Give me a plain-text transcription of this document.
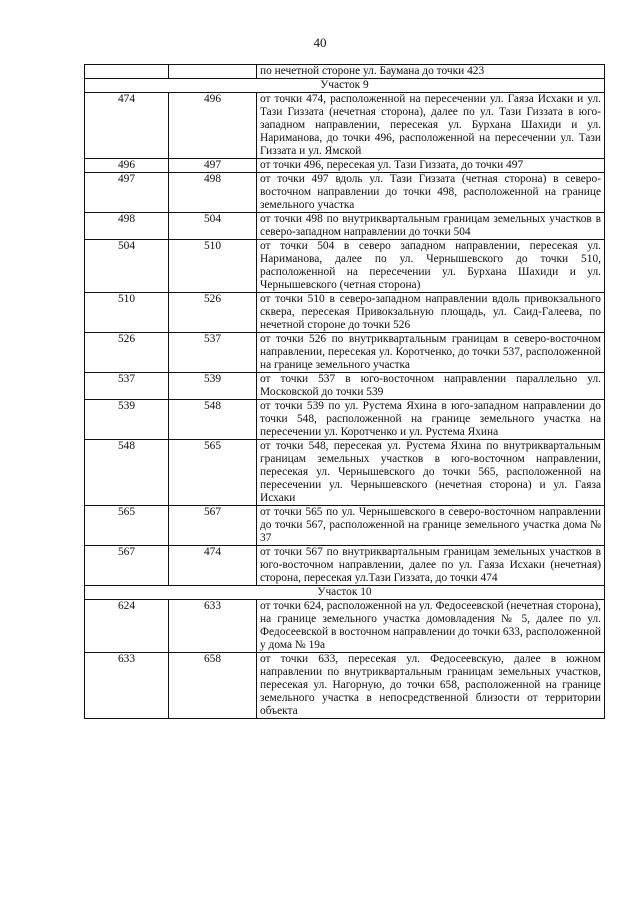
40
		по нечетной стороне ул. Баумана до точки 423
Участок 9		
474	496	от точки 474, расположенной на пересечении ул. Гаяза Исхаки и ул. Тази Гиззата (нечетная сторона), далее по ул. Тази Гиззата в юго-западном направлении, пересекая ул. Бурхана Шахиди и ул. Нариманова, до точки 496, расположенной на пересечении ул. Тази Гиззата и ул. Ямской
496	497	от точки 496, пересекая ул. Тази Гиззата, до точки 497
497	498	от точки 497 вдоль ул. Тази Гиззата (четная сторона) в северо-восточном направлении до точки 498, расположенной на границе земельного участка
498	504	от точки 498 по внутриквартальным границам земельных участков в северо-западном направлении до точки 504
504	510	от точки 504 в северо западном направлении, пересекая ул. Нариманова, далее по ул. Чернышевского до точки 510, расположенной на пересечении ул. Бурхана Шахиди и ул. Чернышевского (четная сторона)
510	526	от точки 510 в северо-западном направлении вдоль привокзального сквера, пересекая Привокзальную площадь, ул. Саид-Галеева, по нечетной стороне до точки 526
526	537	от точки 526 по внутриквартальным границам в северо-восточном направлении, пересекая ул. Коротченко, до точки 537, расположенной на границе земельного участка
537	539	от точки 537 в юго-восточном направлении параллельно ул. Московской до точки 539
539	548	от точки 539 по ул. Рустема Яхина в юго-западном направлении до точки 548, расположенной на границе земельного участка на пересечении ул. Коротченко и ул. Рустема Яхина
548	565	от точки 548, пересекая ул. Рустема Яхина по внутриквартальным границам земельных участков в юго-восточном направлении, пересекая ул. Чернышевского до точки 565, расположенной на пересечении ул. Чернышевского (нечетная сторона) и ул. Гаяза Исхаки
565	567	от точки 565 по ул. Чернышевского в северо-восточном направлении до точки 567, расположенной на границе земельного участка дома № 37
567	474	от точки 567 по внутриквартальным границам земельных участков в юго-восточном направлении, далее по ул. Гаяза Исхаки (нечетная) сторона, пересекая ул.Тази Гиззата, до точки 474
Участок 10		
624	633	от точки 624, расположенной на ул. Федосеевской (нечетная сторона), на границе земельного участка домовладения № 5, далее по ул. Федосеевской в восточном направлении до точки 633, расположенной у дома № 19а
633	658	от точки 633, пересекая ул. Федосеевскую, далее в южном направлении по внутриквартальным границам земельных участков, пересекая ул. Нагорную, до точки 658, расположенной на границе земельного участка в непосредственной близости от территории объекта
